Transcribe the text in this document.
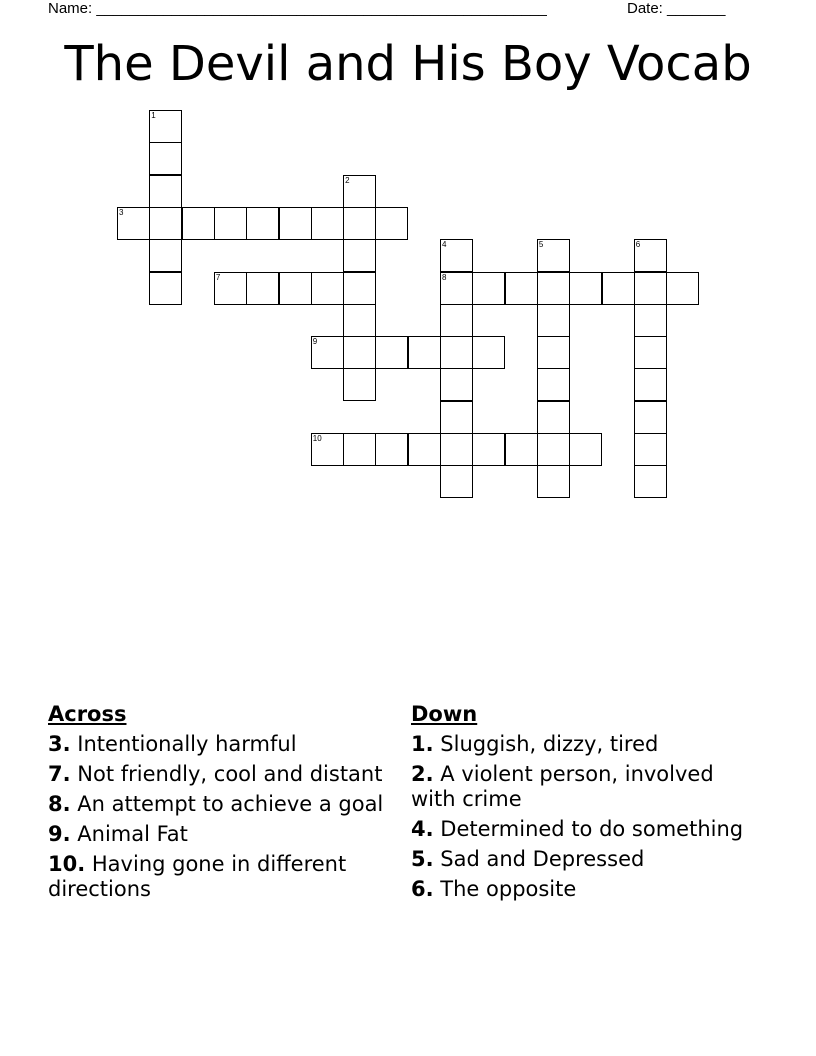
Name: ______________________________________________________	Date: _______
The Devil and His Boy Vocab
1
2
3
4
8
5	6
7
9
10
Across
3. Intentionally harmful
7. Not friendly, cool and distant
8. An attempt to achieve a goal
9. Animal Fat
10. Having gone in different directions
Down
1. Sluggish, dizzy, tired
2. A violent person, involved with crime
4. Determined to do something
5. Sad and Depressed
6. The opposite
